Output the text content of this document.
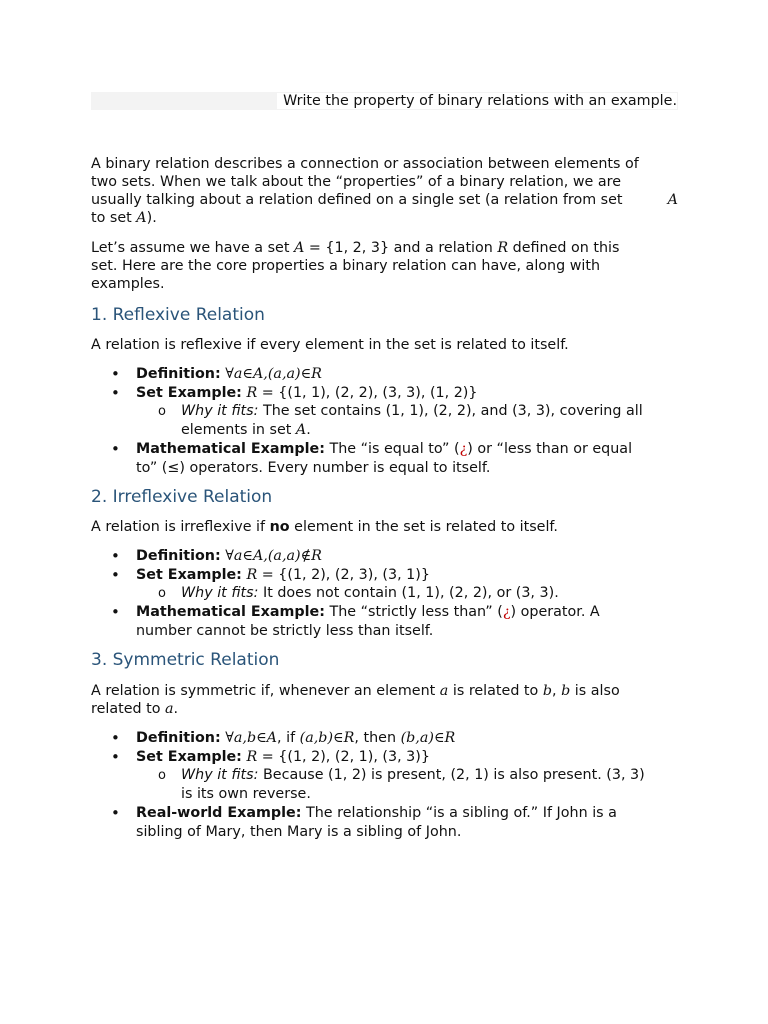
Write the property of binary relations with an example.

A binary relation describes a connection or association between elements of
two sets. When we talk about the “properties” of a binary relation, we are
usually talking about a relation defined on a single set (a relation from set	A

to set A).

Let’s assume we have a set A = {1, 2, 3} and a relation R defined on this
set. Here are the core properties a binary relation can have, along with
examples.

1. Reflexive Relation

A relation is reflexive if every element in the set is related to itself.

• Definition: ∀a∈A,(a,a)∈R
• Set Example: R = {(1, 1), (2, 2), (3, 3), (1, 2)}
o Why it fits: The set contains (1, 1), (2, 2), and (3, 3), covering all
elements in set A.
• Mathematical Example: The “is equal to” (¿) or “less than or equal
to” (≤) operators. Every number is equal to itself.
2. Irreflexive Relation

A relation is irreflexive if no element in the set is related to itself.

• Definition: ∀a∈A,(a,a)∉R
• Set Example: R = {(1, 2), (2, 3), (3, 1)}
o Why it fits: It does not contain (1, 1), (2, 2), or (3, 3).
• Mathematical Example: The “strictly less than” (¿) operator. A
number cannot be strictly less than itself.
3. Symmetric Relation

A relation is symmetric if, whenever an element a is related to b, b is also
related to a.

• Definition: ∀a,b∈A, if (a,b)∈R, then (b,a)∈R
• Set Example: R = {(1, 2), (2, 1), (3, 3)}
o Why it fits: Because (1, 2) is present, (2, 1) is also present. (3, 3)
is its own reverse.
• Real-world Example: The relationship “is a sibling of.” If John is a
sibling of Mary, then Mary is a sibling of John.
